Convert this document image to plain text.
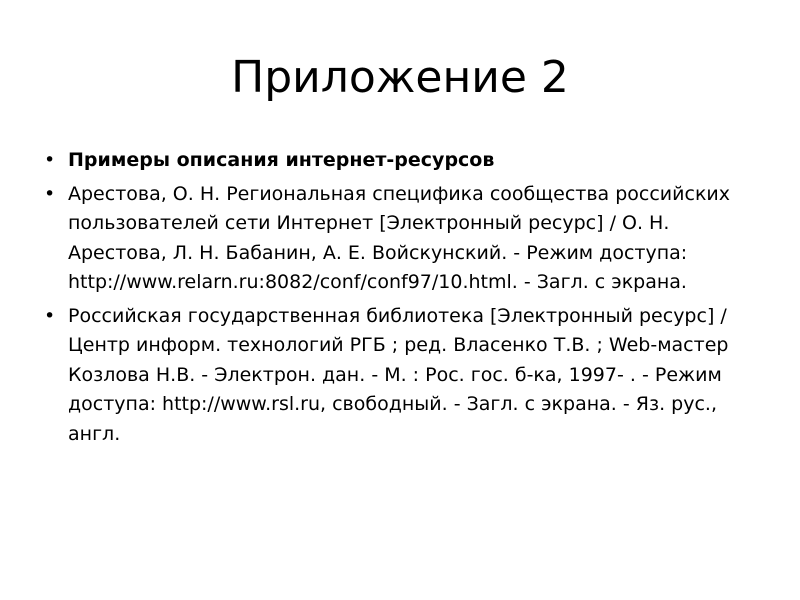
Приложение 2
• Примеры описания интернет-ресурсов
• Арестова, О. Н. Региональная специфика сообщества российских пользователей сети Интернет [Электронный ресурс] / О. Н. Арестова, Л. Н. Бабанин, А. Е. Войскунский. - Режим доступа: http://www.relarn.ru:8082/conf/conf97/10.html. - Загл. с экрана.
• Российская государственная библиотека [Электронный ресурс] / Центр информ. технологий РГБ ; ред. Власенко Т.В. ; Web-мастер Козлова Н.В. - Электрон. дан. - М. : Рос. гос. б-ка, 1997- . - Режим доступа: http://www.rsl.ru, свободный. - Загл. с экрана. - Яз. рус., англ.
